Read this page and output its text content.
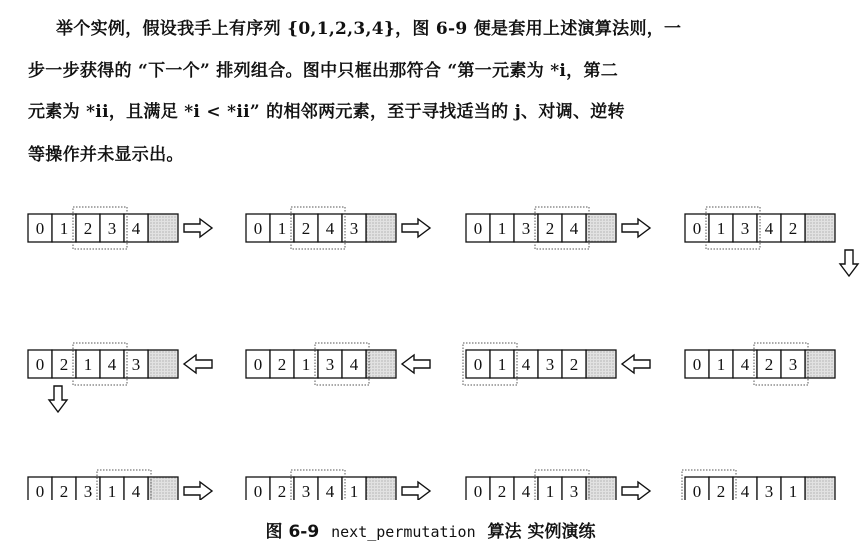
举个实例，假设我手上有序列 {0,1,2,3,4}，图 6-9 便是套用上述演算法则，一
步一步获得的 “下一个” 排列组合。图中只框出那符合 “第一元素为 *i，第二
元素为 *ii，且满足 *i < *ii” 的相邻两元素，至于寻找适当的 j、对调、逆转
等操作并未显示出。
0 1 2 3 4	0 1 2 4 3	0 1 3 2 4	0 1 3 4 2
0 2 1 4 3	0 2 1 3 4	0 1 4 3 2	0 1 4 2 3
0 2 3 1 4	0 2 3 4 1	0 2 4 1 3	0 2 4 3 1
图 6-9 next_permutation 算法 实例演练
